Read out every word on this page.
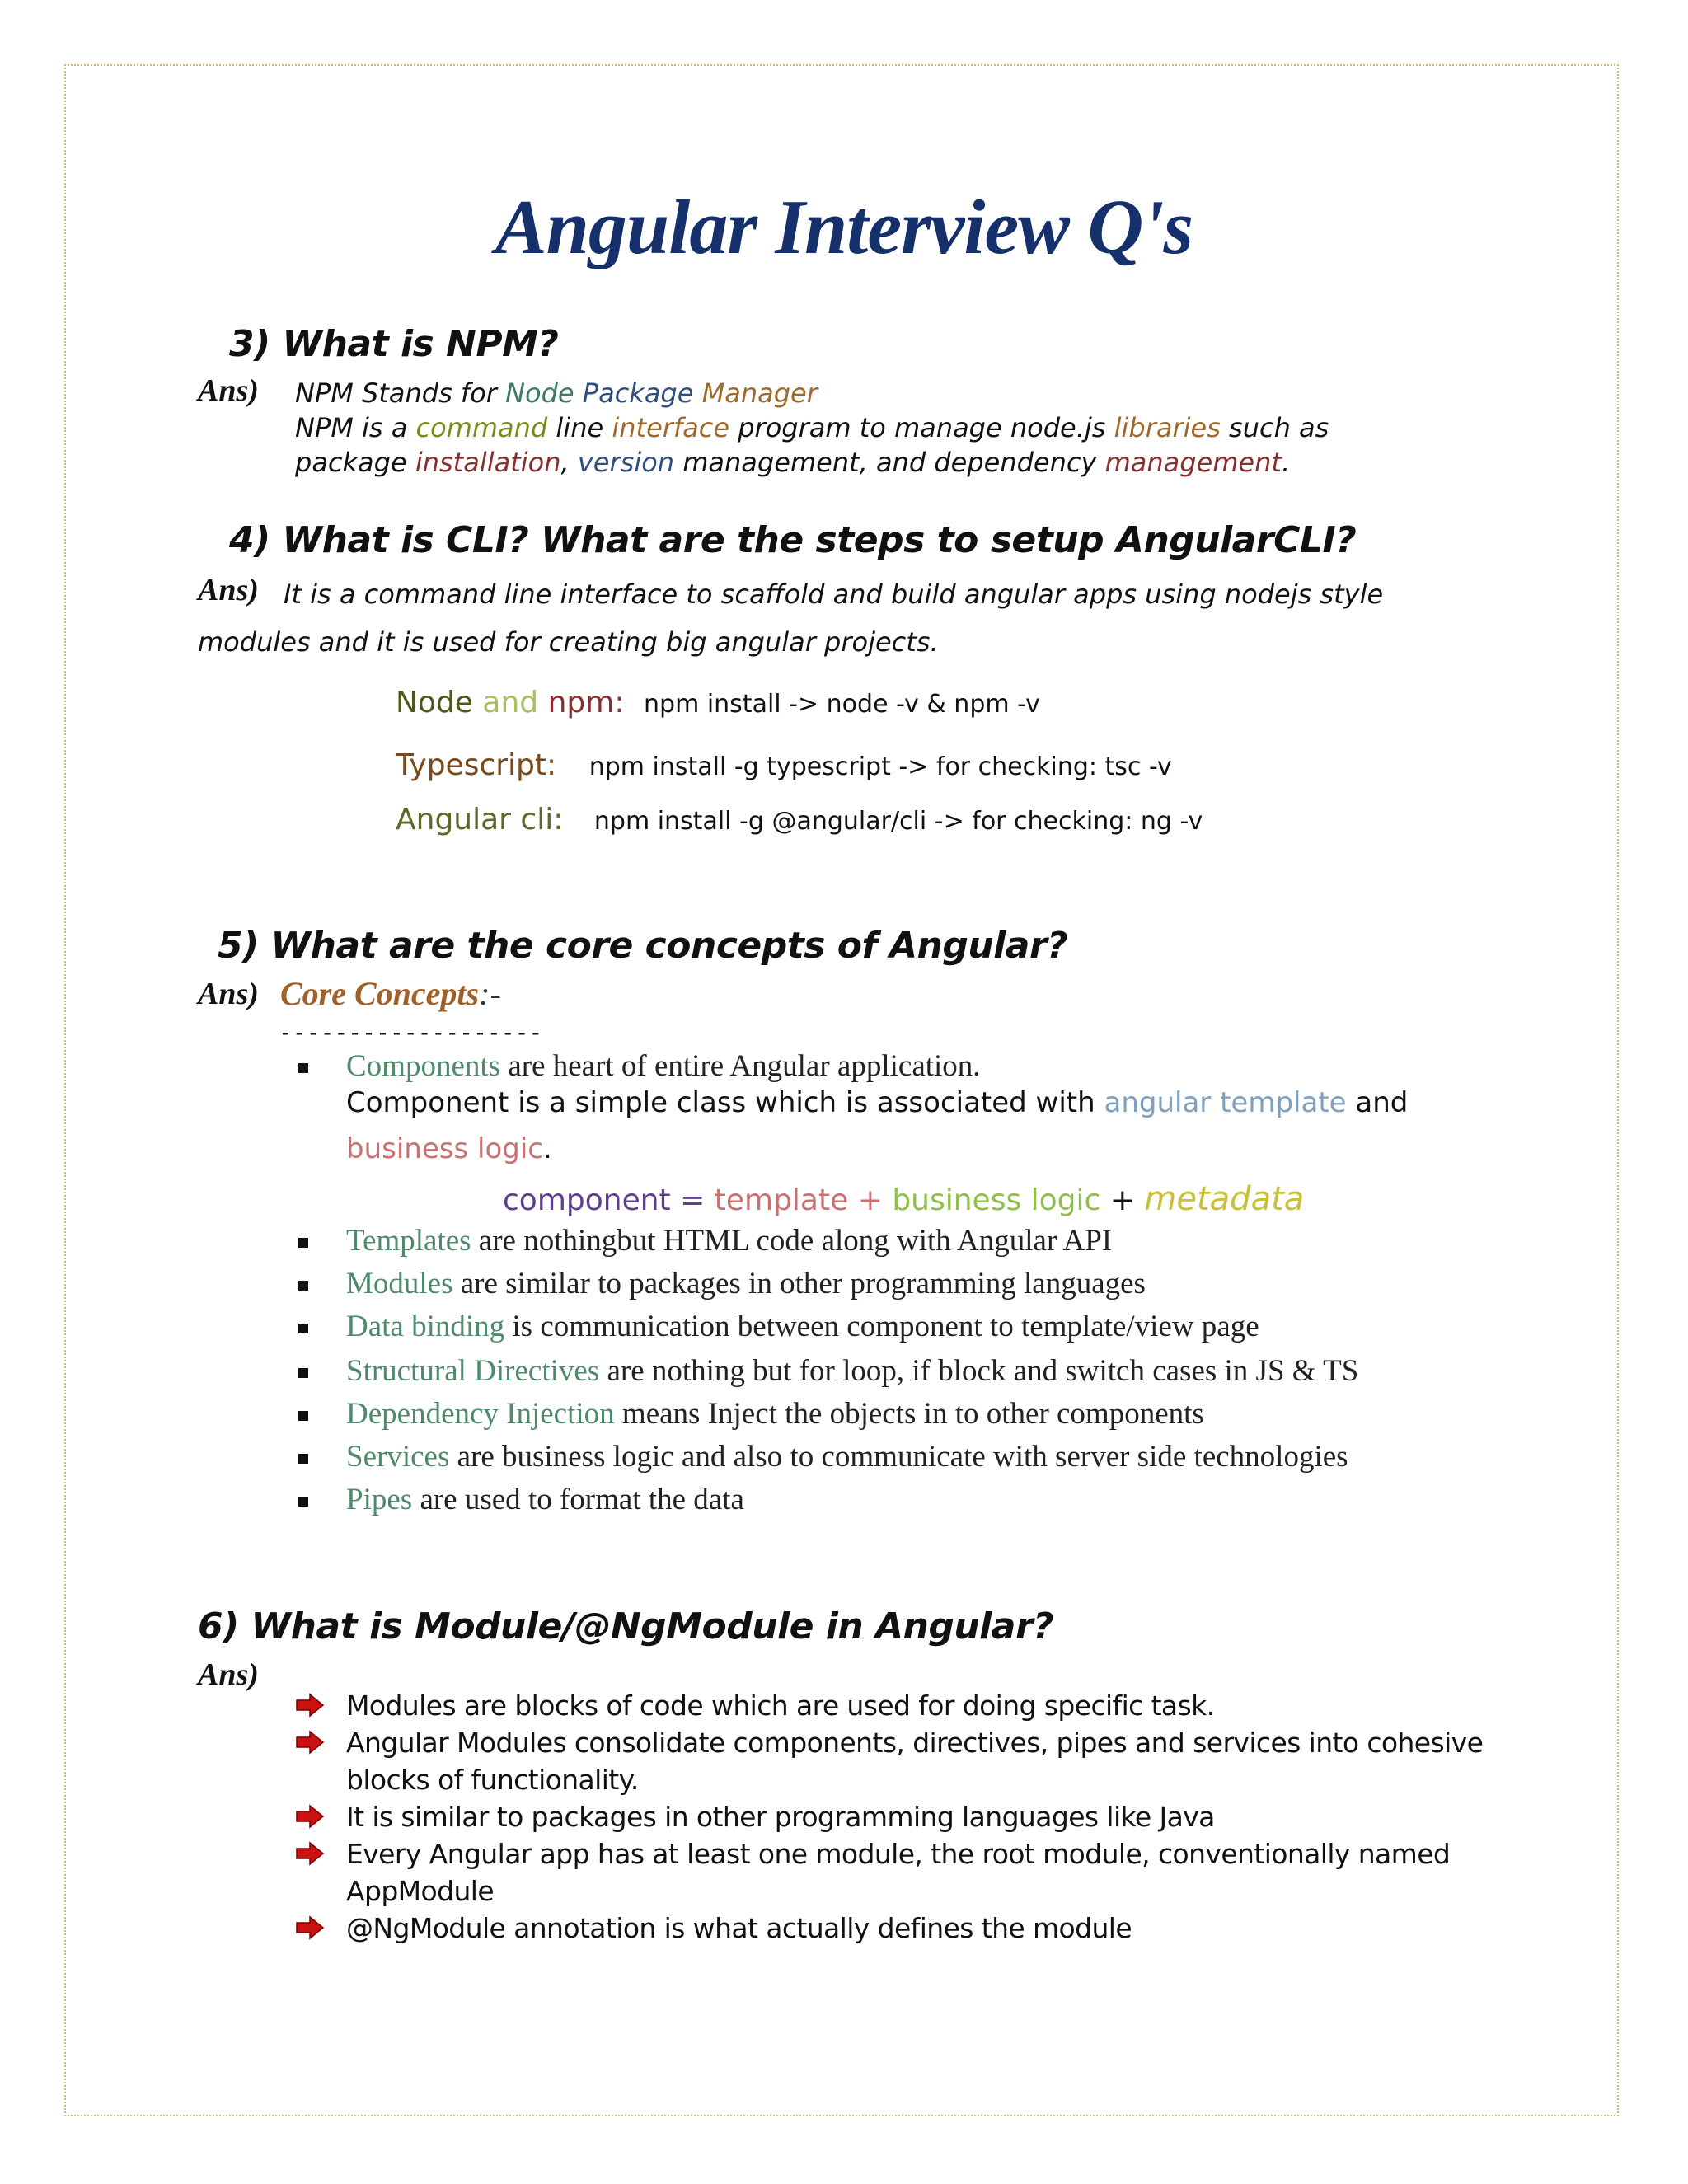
Angular Interview Q's
3) What is NPM?
Ans) NPM Stands for Node Package Manager
NPM is a command line interface program to manage node.js libraries such as
package installation, version management, and dependency management.
4) What is CLI? What are the steps to setup AngularCLI?
Ans) It is a command line interface to scaffold and build angular apps using nodejs style
modules and it is used for creating big angular projects.
Node and npm: npm install -> node -v & npm -v
Typescript: npm install -g typescript -> for checking: tsc -v
Angular cli: npm install -g @angular/cli -> for checking: ng -v
5) What are the core concepts of Angular?
Ans) Core Concepts:-
-------------------
Components are heart of entire Angular application.
Component is a simple class which is associated with angular template and
business logic.
component = template + business logic + metadata
Templates are nothingbut HTML code along with Angular API
Modules are similar to packages in other programming languages
Data binding is communication between component to template/view page
Structural Directives are nothing but for loop, if block and switch cases in JS & TS
Dependency Injection means Inject the objects in to other components
Services are business logic and also to communicate with server side technologies
Pipes are used to format the data
6) What is Module/@NgModule in Angular?
Ans)
Modules are blocks of code which are used for doing specific task.
Angular Modules consolidate components, directives, pipes and services into cohesive
blocks of functionality.
It is similar to packages in other programming languages like Java
Every Angular app has at least one module, the root module, conventionally named
AppModule
@NgModule annotation is what actually defines the module
